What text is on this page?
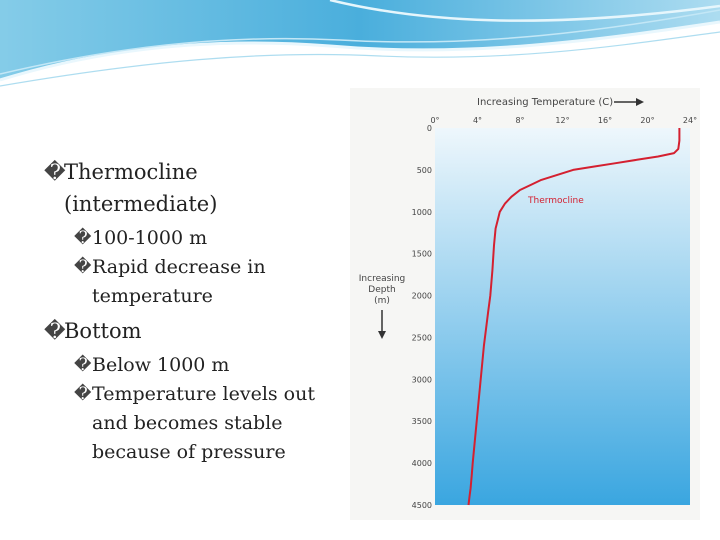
�
Thermocline
(intermediate)
� 100-1000 m
� Rapid decrease in
temperature
�
Bottom
� Below 1000 m
� Temperature levels out
and becomes stable
because of pressure
Increasing Temperature (C)
0°	4°	8°	12°	16°	20°	24°
0
500
1000
1500
2000
2500
3000
3500
4000
4500
Increasing
Depth
(m)
Thermocline
